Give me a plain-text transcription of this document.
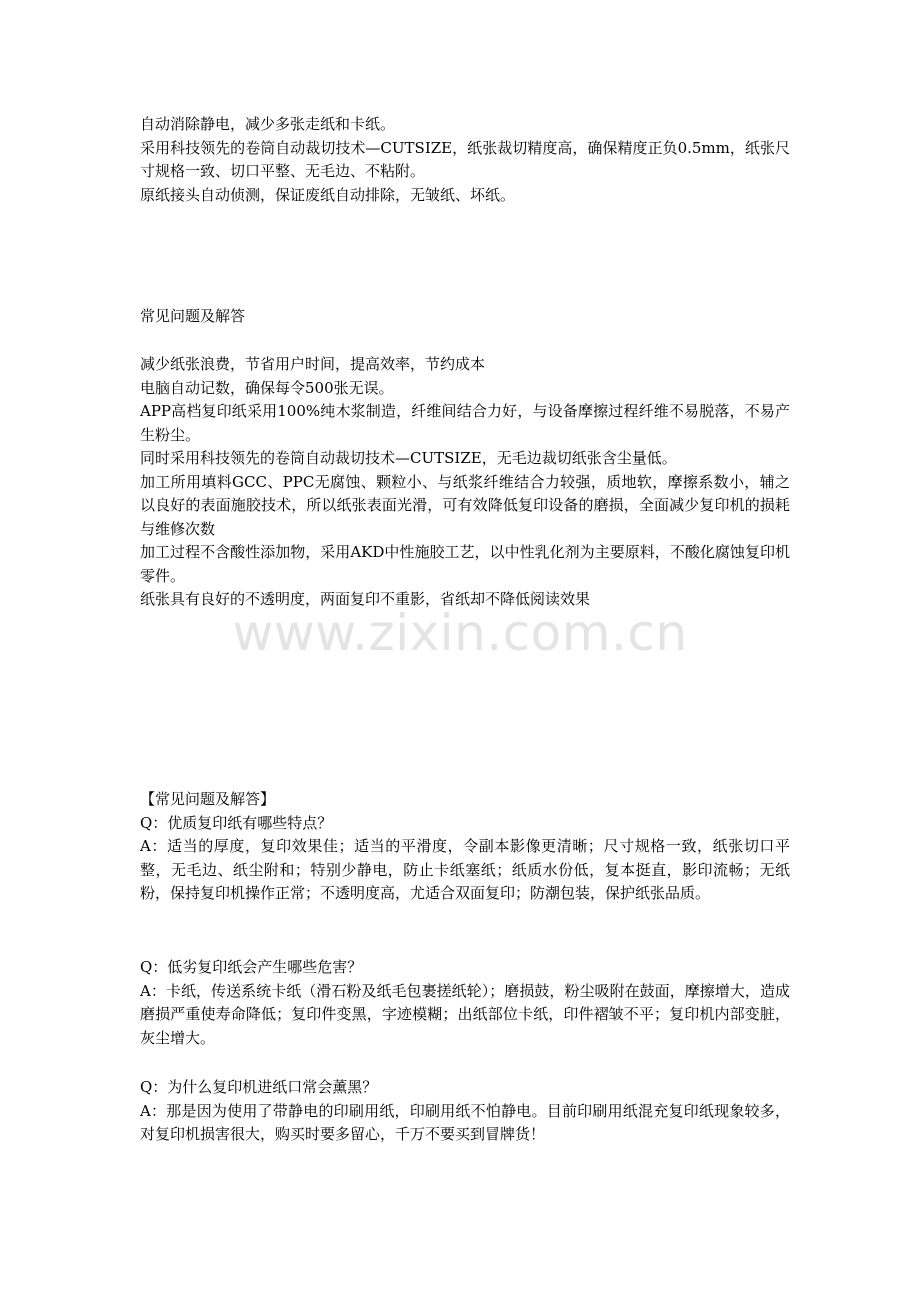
自动消除静电，减少多张走纸和卡纸。

采用科技领先的卷筒自动裁切技术—CUTSIZE，纸张裁切精度高，确保精度正负0.5mm，纸张尺寸规格一致、切口平整、无毛边、不粘附。

原纸接头自动侦测，保证废纸自动排除，无皱纸、坏纸。

常见问题及解答

减少纸张浪费，节省用户时间，提高效率，节约成本

电脑自动记数，确保每令500张无误。

APP高档复印纸采用100%纯木浆制造，纤维间结合力好，与设备摩擦过程纤维不易脱落，不易产生粉尘。

同时采用科技领先的卷筒自动裁切技术—CUTSIZE，无毛边裁切纸张含尘量低。

加工所用填料GCC、PPC无腐蚀、颗粒小、与纸浆纤维结合力较强，质地软，摩擦系数小，辅之以良好的表面施胶技术，所以纸张表面光滑，可有效降低复印设备的磨损，全面减少复印机的损耗与维修次数

加工过程不含酸性添加物，采用AKD中性施胶工艺，以中性乳化剂为主要原料，不酸化腐蚀复印机零件。

纸张具有良好的不透明度，两面复印不重影，省纸却不降低阅读效果

www.zixin.com.cn

【常见问题及解答】

Q：优质复印纸有哪些特点？

A：适当的厚度，复印效果佳；适当的平滑度，令副本影像更清晰；尺寸规格一致，纸张切口平整，无毛边、纸尘附和；特别少静电，防止卡纸塞纸；纸质水份低，复本挺直，影印流畅；无纸粉，保持复印机操作正常；不透明度高，尤适合双面复印；防潮包装，保护纸张品质。

Q：低劣复印纸会产生哪些危害？

A：卡纸，传送系统卡纸（滑石粉及纸毛包裹搓纸轮）；磨损鼓，粉尘吸附在鼓面，摩擦增大，造成磨损严重使寿命降低；复印件变黑，字迹模糊；出纸部位卡纸，印件褶皱不平；复印机内部变脏，灰尘增大。

Q：为什么复印机进纸口常会薰黑？

A：那是因为使用了带静电的印刷用纸，印刷用纸不怕静电。目前印刷用纸混充复印纸现象较多，对复印机损害很大，购买时要多留心，千万不要买到冒牌货！
